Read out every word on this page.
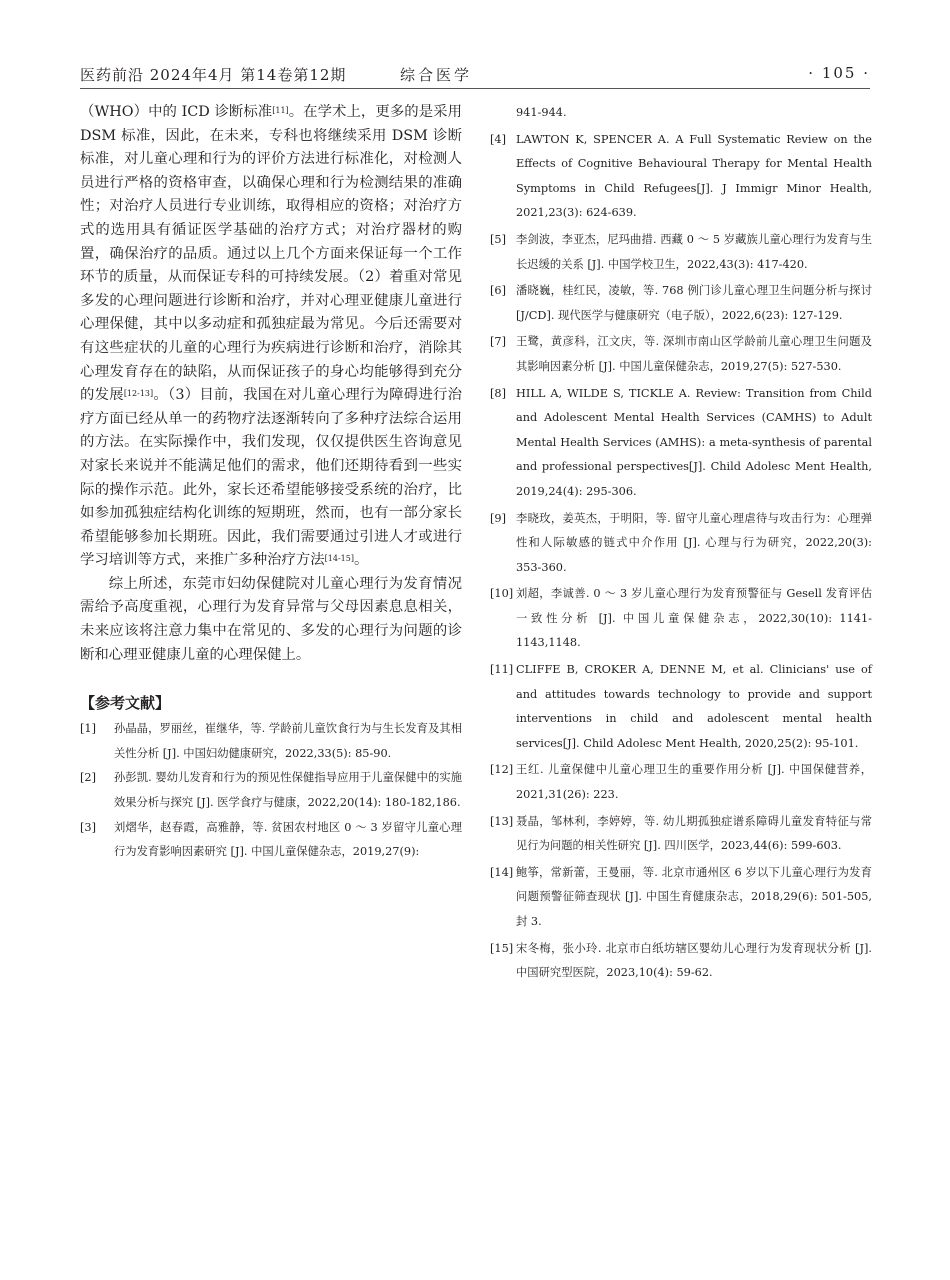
医药前沿 2024年4月 第14卷第12期	综合医学	· 105 ·

（WHO）中的 ICD 诊断标准[11]。在学术上，更多的是采用 DSM 标准，因此，在未来，专科也将继续采用 DSM 诊断标准，对儿童心理和行为的评价方法进行标准化，对检测人员进行严格的资格审查，以确保心理和行为检测结果的准确性；对治疗人员进行专业训练，取得相应的资格；对治疗方式的选用具有循证医学基础的治疗方式；对治疗器材的购置，确保治疗的品质。通过以上几个方面来保证每一个工作环节的质量，从而保证专科的可持续发展。（2）着重对常见多发的心理问题进行诊断和治疗，并对心理亚健康儿童进行心理保健，其中以多动症和孤独症最为常见。今后还需要对有这些症状的儿童的心理行为疾病进行诊断和治疗，消除其心理发育存在的缺陷，从而保证孩子的身心均能够得到充分的发展[12-13]。（3）目前，我国在对儿童心理行为障碍进行治疗方面已经从单一的药物疗法逐渐转向了多种疗法综合运用的方法。在实际操作中，我们发现，仅仅提供医生咨询意见对家长来说并不能满足他们的需求，他们还期待看到一些实际的操作示范。此外，家长还希望能够接受系统的治疗，比如参加孤独症结构化训练的短期班，然而，也有一部分家长希望能够参加长期班。因此，我们需要通过引进人才或进行学习培训等方式，来推广多种治疗方法[14-15]。

综上所述，东莞市妇幼保健院对儿童心理行为发育情况需给予高度重视，心理行为发育异常与父母因素息息相关，未来应该将注意力集中在常见的、多发的心理行为问题的诊断和心理亚健康儿童的心理保健上。

【参考文献】
[1] 孙晶晶，罗丽丝，崔继华，等. 学龄前儿童饮食行为与生长发育及其相关性分析 [J]. 中国妇幼健康研究，2022,33(5): 85-90.
[2] 孙彭凯. 婴幼儿发育和行为的预见性保健指导应用于儿童保健中的实施效果分析与探究 [J]. 医学食疗与健康，2022,20(14): 180-182,186.
[3] 刘熠华，赵春霞，高雅静，等. 贫困农村地区 0 ～ 3 岁留守儿童心理行为发育影响因素研究 [J]. 中国儿童保健杂志，2019,27(9):
941-944.
[4] LAWTON K, SPENCER A. A Full Systematic Review on the Effects of Cognitive Behavioural Therapy for Mental Health Symptoms in Child Refugees[J]. J Immigr Minor Health, 2021,23(3): 624-639.
[5] 李剑波，李亚杰，尼玛曲措. 西藏 0 ～ 5 岁藏族儿童心理行为发育与生长迟缓的关系 [J]. 中国学校卫生，2022,43(3): 417-420.
[6] 潘晓巍，桂红民，凌敏，等. 768 例门诊儿童心理卫生问题分析与探讨 [J/CD]. 现代医学与健康研究（电子版），2022,6(23): 127-129.
[7] 王鹭，黄彦科，江文庆，等. 深圳市南山区学龄前儿童心理卫生问题及其影响因素分析 [J]. 中国儿童保健杂志，2019,27(5): 527-530.
[8] HILL A, WILDE S, TICKLE A. Review: Transition from Child and Adolescent Mental Health Services (CAMHS) to Adult Mental Health Services (AMHS): a meta-synthesis of parental and professional perspectives[J]. Child Adolesc Ment Health, 2019,24(4): 295-306.
[9] 李晓玫，姜英杰，于明阳，等. 留守儿童心理虐待与攻击行为：心理弹性和人际敏感的链式中介作用 [J]. 心理与行为研究，2022,20(3): 353-360.
[10] 刘超，李诚善. 0 ～ 3 岁儿童心理行为发育预警征与 Gesell 发育评估一致性分析 [J]. 中国儿童保健杂志，2022,30(10): 1141-1143,1148.
[11] CLIFFE B, CROKER A, DENNE M, et al. Clinicians' use of and attitudes towards technology to provide and support interventions in child and adolescent mental health services[J]. Child Adolesc Ment Health, 2020,25(2): 95-101.
[12] 王红. 儿童保健中儿童心理卫生的重要作用分析 [J]. 中国保健营养，2021,31(26): 223.
[13] 聂晶，邹林利，李婷婷，等. 幼儿期孤独症谱系障碍儿童发育特征与常见行为问题的相关性研究 [J]. 四川医学，2023,44(6): 599-603.
[14] 鲍筝，常新蕾，王曼丽，等. 北京市通州区 6 岁以下儿童心理行为发育问题预警征筛查现状 [J]. 中国生育健康杂志，2018,29(6): 501-505, 封 3.
[15] 宋冬梅，张小玲. 北京市白纸坊辖区婴幼儿心理行为发育现状分析 [J]. 中国研究型医院，2023,10(4): 59-62.
